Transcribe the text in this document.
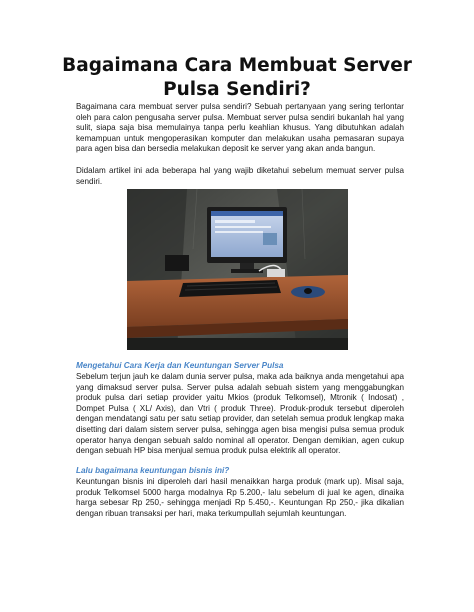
Bagaimana Cara Membuat Server
Pulsa Sendiri?

Bagaimana cara membuat server pulsa sendiri? Sebuah pertanyaan yang sering terlontar oleh para calon pengusaha server pulsa. Membuat server pulsa sendiri bukanlah hal yang sulit, siapa saja bisa memulainya tanpa perlu keahlian khusus. Yang dibutuhkan adalah kemampuan untuk mengoperasikan komputer dan melakukan usaha pemasaran supaya para agen bisa dan bersedia melakukan deposit ke server yang akan anda bangun.

Didalam artikel ini ada beberapa hal yang wajib diketahui sebelum memuat server pulsa sendiri.

Mengetahui Cara Kerja dan Keuntungan Server Pulsa

Sebelum terjun jauh ke dalam dunia server pulsa, maka ada baiknya anda mengetahui apa yang dimaksud server pulsa. Server pulsa adalah sebuah sistem yang menggabungkan produk pulsa dari setiap provider yaitu Mkios (produk Telkomsel), Mtronik ( Indosat) , Dompet Pulsa ( XL/ Axis), dan Vtri ( produk Three). Produk-produk tersebut diperoleh dengan mendatangi satu per satu setiap provider, dan setelah semua produk lengkap maka disetting dari dalam sistem server pulsa, sehingga agen bisa mengisi pulsa semua produk operator hanya dengan sebuah saldo nominal all operator. Dengan demikian, agen cukup dengan sebuah HP bisa menjual semua produk pulsa elektrik all operator.

Lalu bagaimana keuntungan bisnis ini?

Keuntungan bisnis ini diperoleh dari hasil menaikkan harga produk (mark up). Misal saja, produk Telkomsel 5000 harga modalnya Rp 5.200,- lalu sebelum di jual ke agen, dinaika harga sebesar Rp 250,- sehingga menjadi Rp 5.450,-. Keuntungan Rp 250,- jika dikalian dengan ribuan transaksi per hari, maka terkumpullah sejumlah keuntungan.
